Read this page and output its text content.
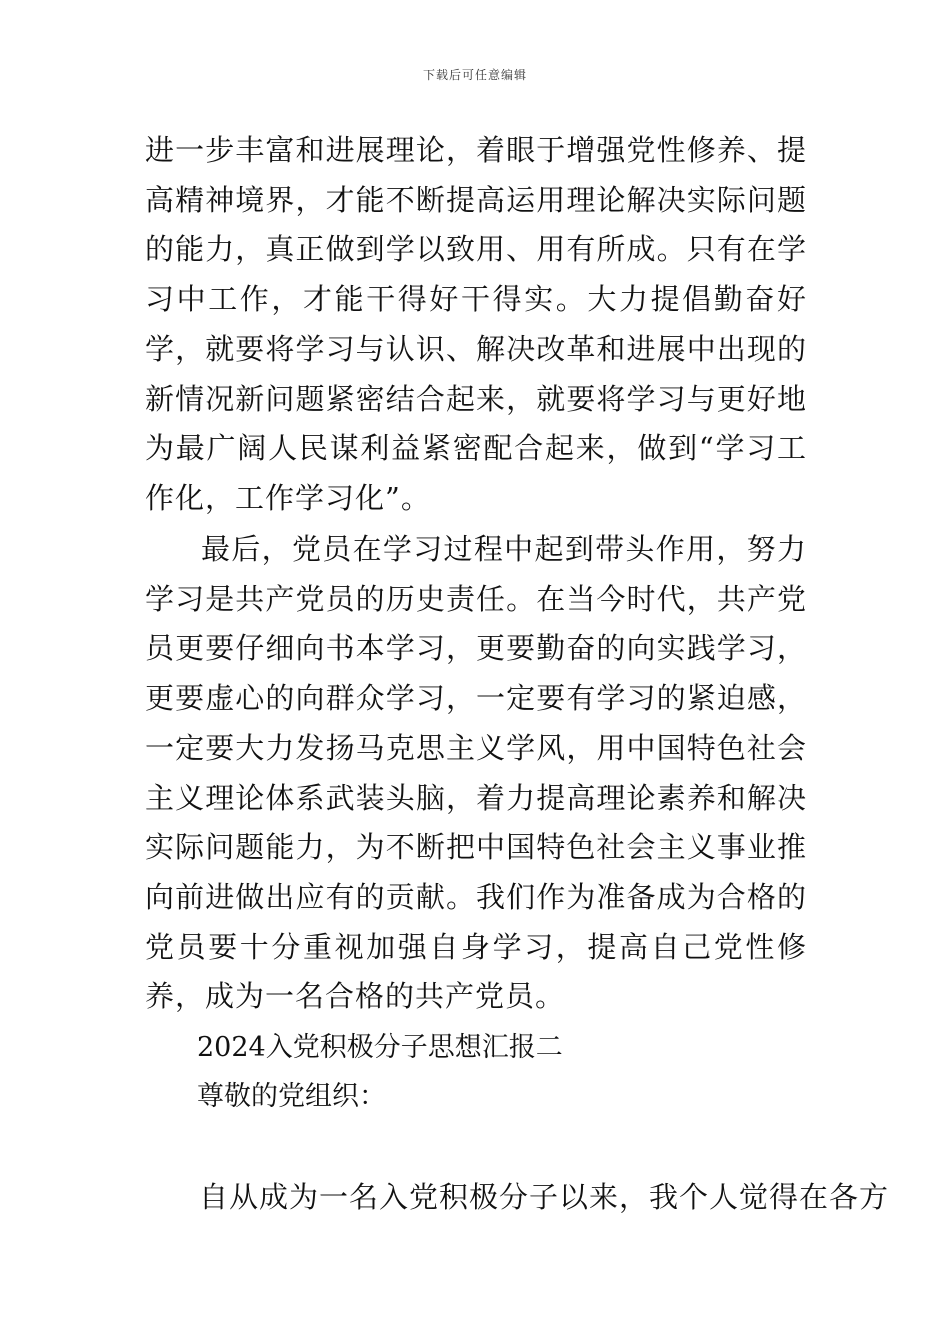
下载后可任意编辑

进一步丰富和进展理论，着眼于增强党性修养、提高精神境界，才能不断提高运用理论解决实际问题的能力，真正做到学以致用、用有所成。只有在学习中工作，才能干得好干得实。大力提倡勤奋好学，就要将学习与认识、解决改革和进展中出现的新情况新问题紧密结合起来，就要将学习与更好地为最广阔人民谋利益紧密配合起来，做到“学习工作化，工作学习化”。

最后，党员在学习过程中起到带头作用，努力学习是共产党员的历史责任。在当今时代，共产党员更要仔细向书本学习，更要勤奋的向实践学习，更要虚心的向群众学习，一定要有学习的紧迫感，一定要大力发扬马克思主义学风，用中国特色社会主义理论体系武装头脑，着力提高理论素养和解决实际问题能力，为不断把中国特色社会主义事业推向前进做出应有的贡献。我们作为准备成为合格的党员要十分重视加强自身学习，提高自己党性修养，成为一名合格的共产党员。

2024入党积极分子思想汇报二

尊敬的党组织：

自从成为一名入党积极分子以来，我个人觉得在各方
